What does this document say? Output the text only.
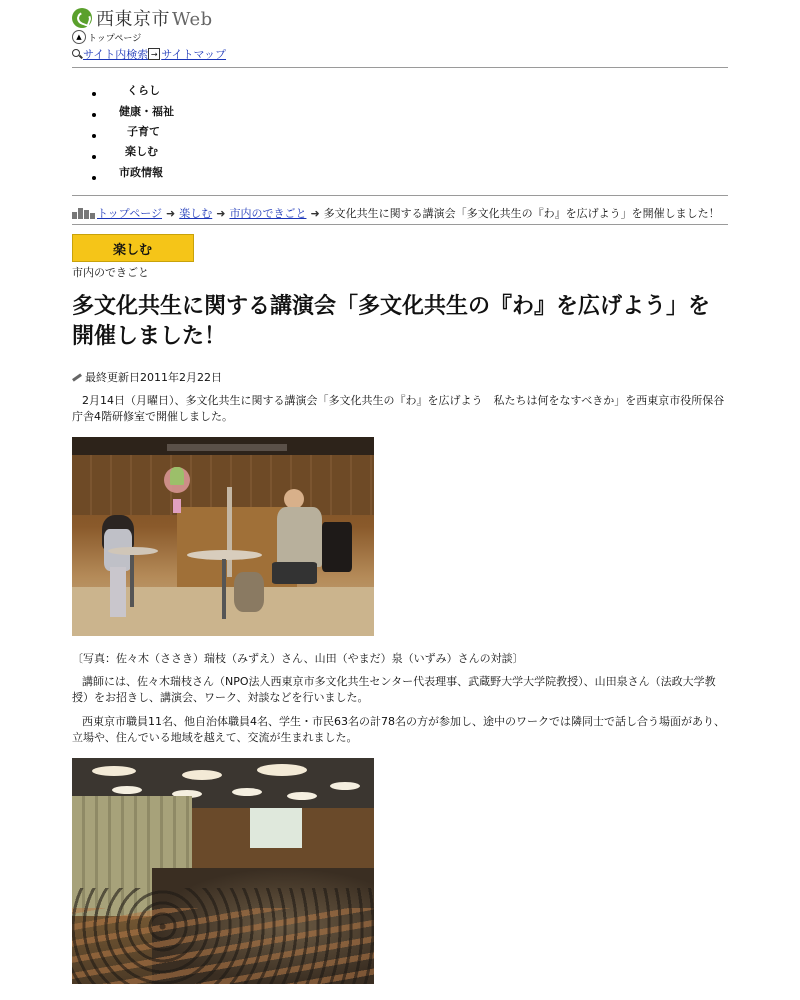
西東京市 Web
▲ トップページ
サイト内検索 → サイトマップ
くらし
健康・福祉
子育て
楽しむ
市政情報
トップページ ➜ 楽しむ ➜ 市内のできごと ➜ 多文化共生に関する講演会「多文化共生の『わ』を広げよう」を開催しました！
楽しむ
市内のできごと
多文化共生に関する講演会「多文化共生の『わ』を広げよう」を
開催しました！
最終更新日2011年2月22日

2月14日（月曜日）、多文化共生に関する講演会「多文化共生の『わ』を広げよう　私たちは何をなすべきか」を西東京市役所保谷庁舎4階研修室で開催しました。

〔写真：佐々木（ささき）瑞枝（みずえ）さん、山田（やまだ）泉（いずみ）さんの対談〕

講師には、佐々木瑞枝さん（NPO法人西東京市多文化共生センター代表理事、武蔵野大学大学院教授）、山田泉さん（法政大学教授）をお招きし、講演会、ワーク、対談などを行いました。

西東京市職員11名、他自治体職員4名、学生・市民63名の計78名の方が参加し、途中のワークでは隣同士で話し合う場面があり、立場や、住んでいる地域を越えて、交流が生まれました。
